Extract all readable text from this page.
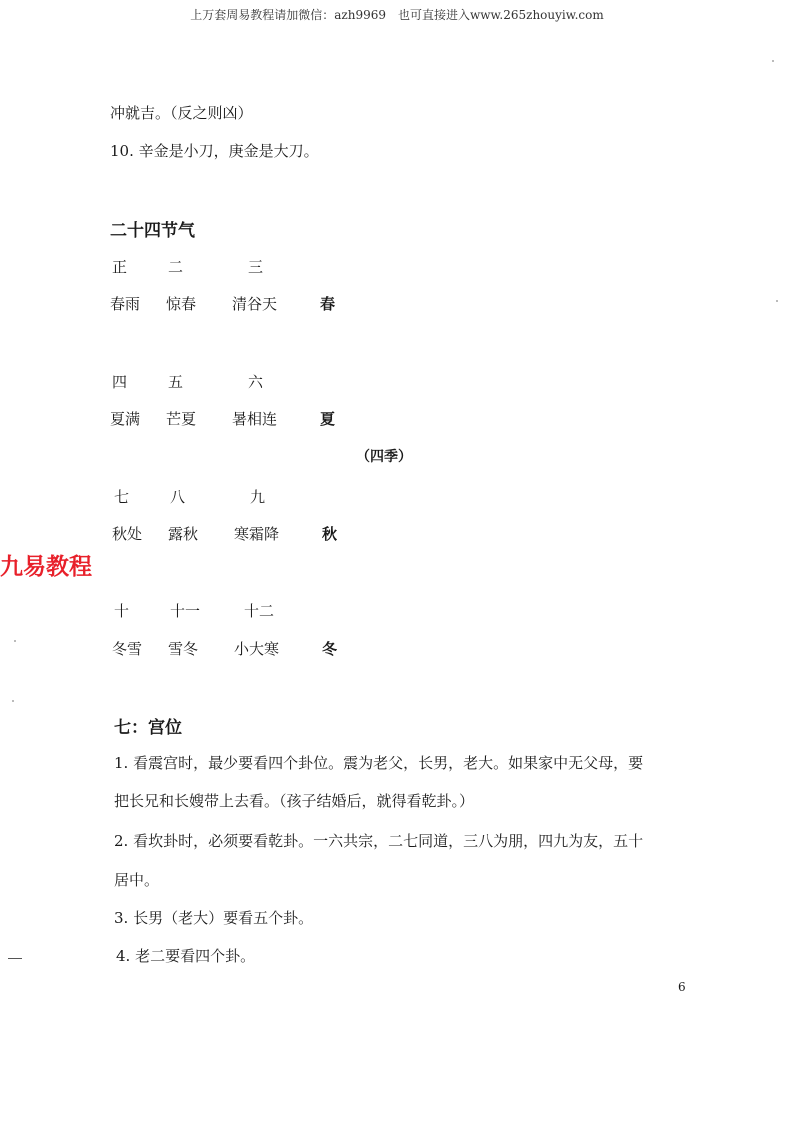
上万套周易教程请加微信：azh9969　也可直接进入www.265zhouyiw.com
冲就吉。（反之则凶）
10. 辛金是小刀，庚金是大刀。
二十四节气
正	二	三
春雨 惊春 清谷天	春
四	五	六
夏满 芒夏 暑相连	夏
（四季）
七	八	九
秋处 露秋 寒霜降	秋
九易教程
十	十一	十二
冬雪 雪冬 小大寒	冬
七：宫位
1. 看震宫时，最少要看四个卦位。震为老父，长男，老大。如果家中无父母，要
把长兄和长嫂带上去看。（孩子结婚后，就得看乾卦。）
2. 看坎卦时，必须要看乾卦。一六共宗，二七同道，三八为朋，四九为友，五十
居中。
3. 长男（老大）要看五个卦。
4. 老二要看四个卦。
6
